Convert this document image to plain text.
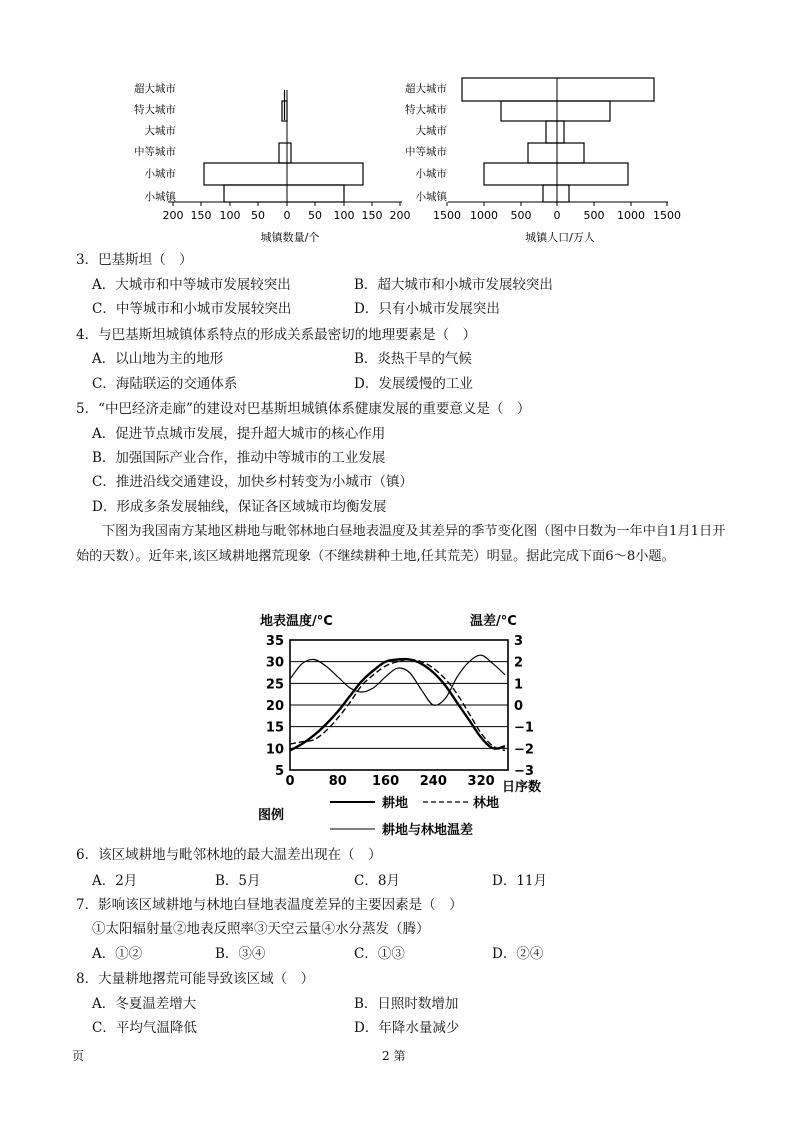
超大城市
特大城市
大城市
中等城市
小城市
小城镇
200 150 100 50 0 50 100 150 200
城镇数量/个
超大城市
特大城市
大城市
中等城市
小城市
小城镇
1500 1000 500 0 500 1000 1500
城镇人口/万人
3．巴基斯坦（　）
A．大城市和中等城市发展较突出	B．超大城市和小城市发展较突出
C．中等城市和小城市发展较突出	D．只有小城市发展突出
4．与巴基斯坦城镇体系特点的形成关系最密切的地理要素是（　）
A．以山地为主的地形	B．炎热干旱的气候
C．海陆联运的交通体系	D．发展缓慢的工业
5．“中巴经济走廊”的建设对巴基斯坦城镇体系健康发展的重要意义是（　）
A．促进节点城市发展，提升超大城市的核心作用
B．加强国际产业合作，推动中等城市的工业发展
C．推进沿线交通建设，加快乡村转变为小城市（镇）
D．形成多条发展轴线，保证各区域城市均衡发展
下图为我国南方某地区耕地与毗邻林地白昼地表温度及其差异的季节变化图（图中日数为一年中自1月1日开始的天数）。近年来,该区域耕地撂荒现象（不继续耕种土地,任其荒芜）明显。据此完成下面6～8小题。
地表温度/°C	温差/°C
35
30
25
20
15
10
5
3
2
1
0
−1
−2
−3
0	80 160 240 320 日序数
图例
耕地	林地
耕地与林地温差
6．该区域耕地与毗邻林地的最大温差出现在（　）
A．2月	B．5月	C．8月	D．11月
7．影响该区域耕地与林地白昼地表温度差异的主要因素是（　）
①太阳辐射量②地表反照率③天空云量④水分蒸发（腾）
A．①②	B．③④	C．①③	D．②④
8．大量耕地撂荒可能导致该区域（　）
A．冬夏温差增大	B．日照时数增加
C．平均气温降低	D．年降水量减少
页	2 第
